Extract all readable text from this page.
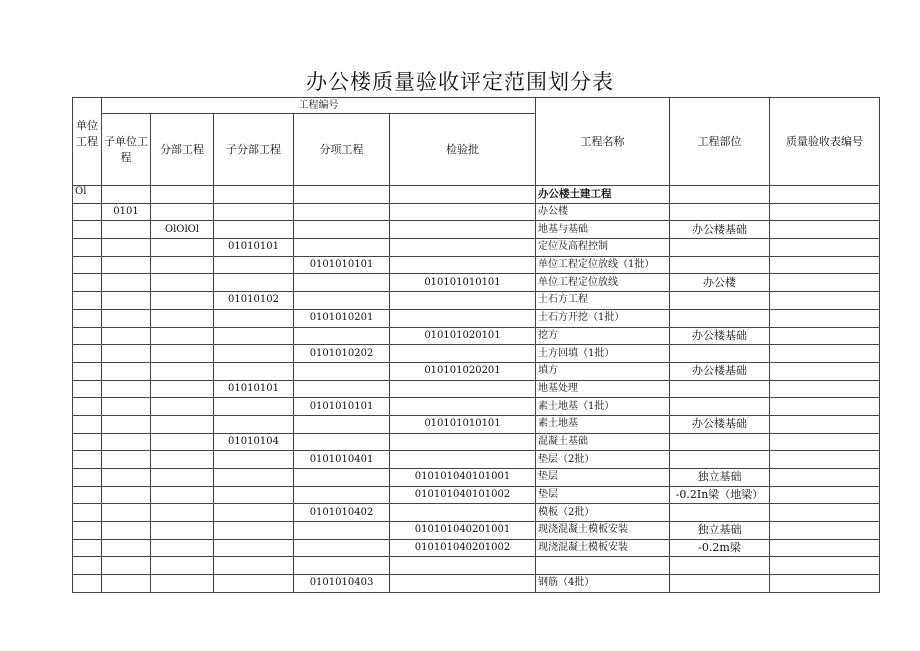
办公楼质量验收评定范围划分表
单位工程	工程编号					工程名称	工程部位	质量验收表编号
	子单位工程	分部工程	子分部工程	分项工程	检验批			
Ol						办公楼土建工程		
	0101					办公楼		
		OlOlOl				地基与基础	办公楼基础	
			01010101			定位及高程控制		
				0101010101		单位工程定位放线（1批）		
					010101010101	单位工程定位放线	办公楼	
			01010102			土石方工程		
				0101010201		土石方开挖（1批）		
					010101020101	挖方	办公楼基础	
				0101010202		土方回填（1批）		
					010101020201	填方	办公楼基础	
			01010101			地基处理		
				0101010101		素土地基（1批）		
					010101010101	素土地基	办公楼基础	
			01010104			混凝土基础		
				0101010401		垫层（2批）		
					010101040101001	垫层	独立基础	
					010101040101002	垫层	-0.2In梁（地梁）	
				0101010402		模板（2批）		
					010101040201001	现浇混凝土模板安装	独立基础	
					010101040201002	现浇混凝土模板安装	-0.2m梁	

				0101010403		钢筋（4批）		
